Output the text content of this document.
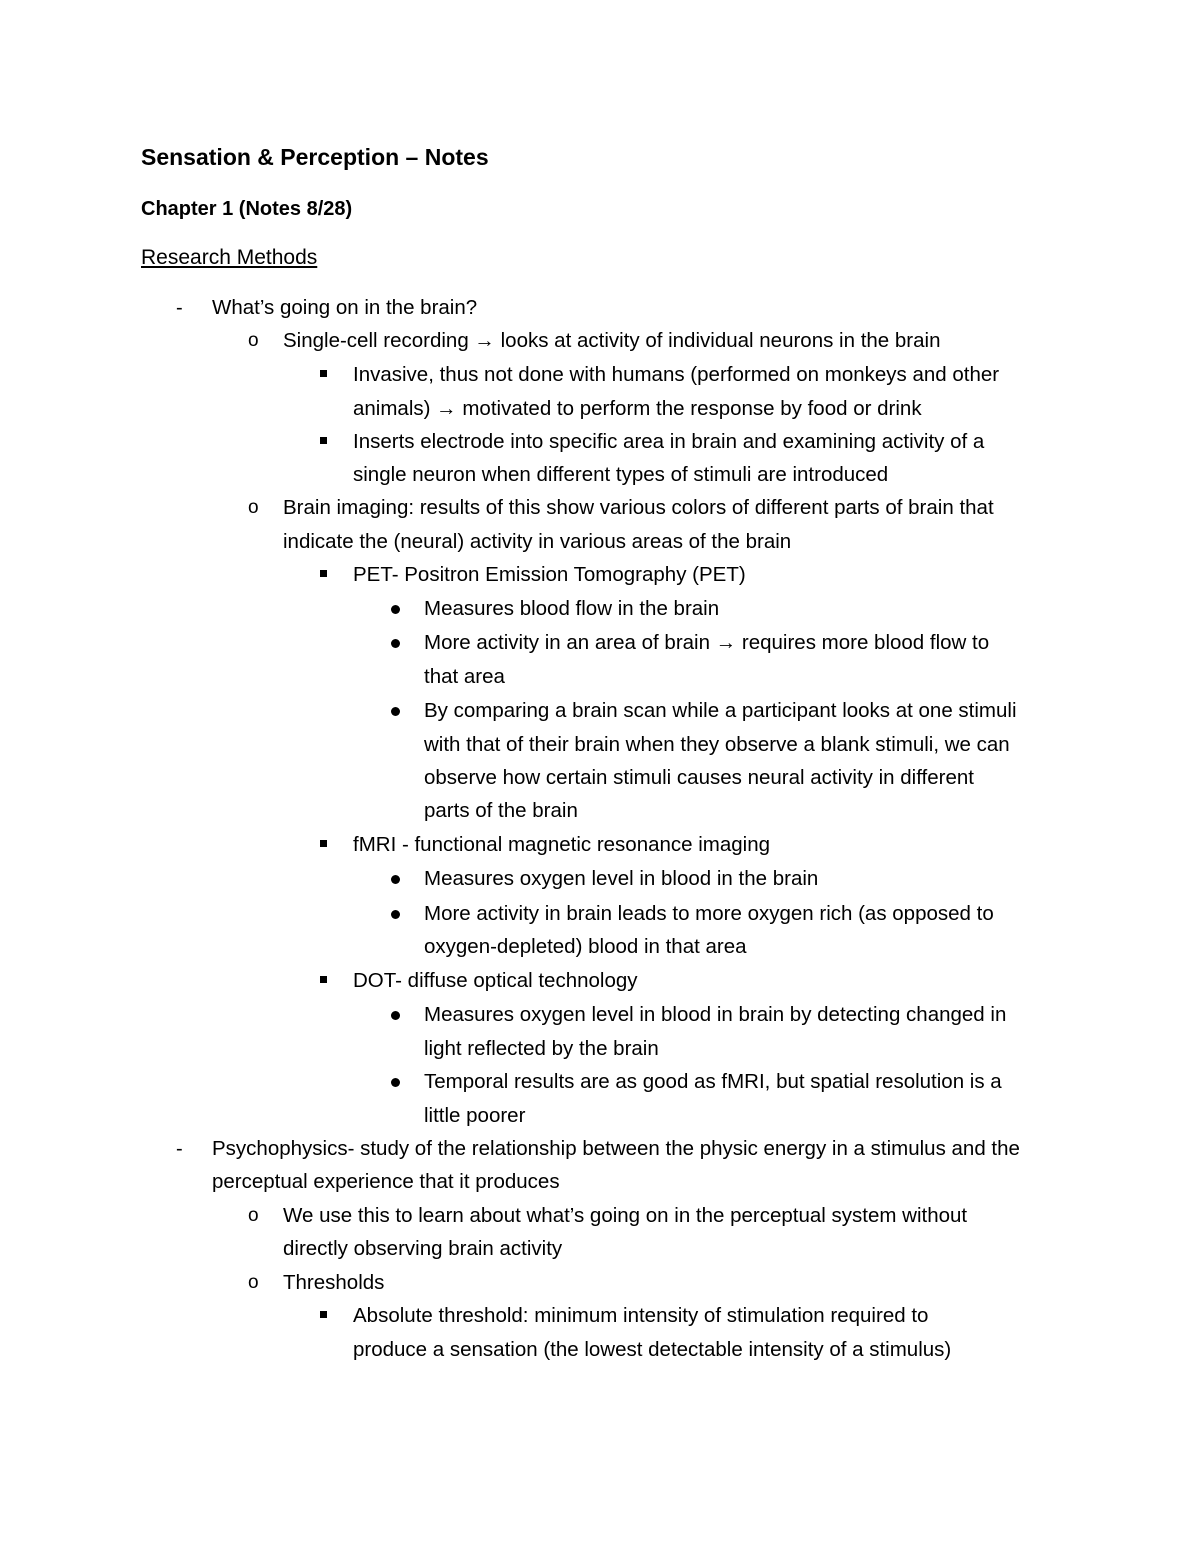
Sensation & Perception – Notes
Chapter 1 (Notes 8/28)
Research Methods
- What’s going on in the brain?
o Single-cell recording → looks at activity of individual neurons in the brain
Invasive, thus not done with humans (performed on monkeys and other
animals) → motivated to perform the response by food or drink
Inserts electrode into specific area in brain and examining activity of a
single neuron when different types of stimuli are introduced
o Brain imaging: results of this show various colors of different parts of brain that
indicate the (neural) activity in various areas of the brain
PET- Positron Emission Tomography (PET)
Measures blood flow in the brain
More activity in an area of brain → requires more blood flow to
that area
By comparing a brain scan while a participant looks at one stimuli
with that of their brain when they observe a blank stimuli, we can
observe how certain stimuli causes neural activity in different
parts of the brain
fMRI - functional magnetic resonance imaging
Measures oxygen level in blood in the brain
More activity in brain leads to more oxygen rich (as opposed to
oxygen-depleted) blood in that area
DOT- diffuse optical technology
Measures oxygen level in blood in brain by detecting changed in
light reflected by the brain
Temporal results are as good as fMRI, but spatial resolution is a
little poorer
- Psychophysics- study of the relationship between the physic energy in a stimulus and the
perceptual experience that it produces
o We use this to learn about what’s going on in the perceptual system without
directly observing brain activity
o Thresholds
Absolute threshold: minimum intensity of stimulation required to
produce a sensation (the lowest detectable intensity of a stimulus)
